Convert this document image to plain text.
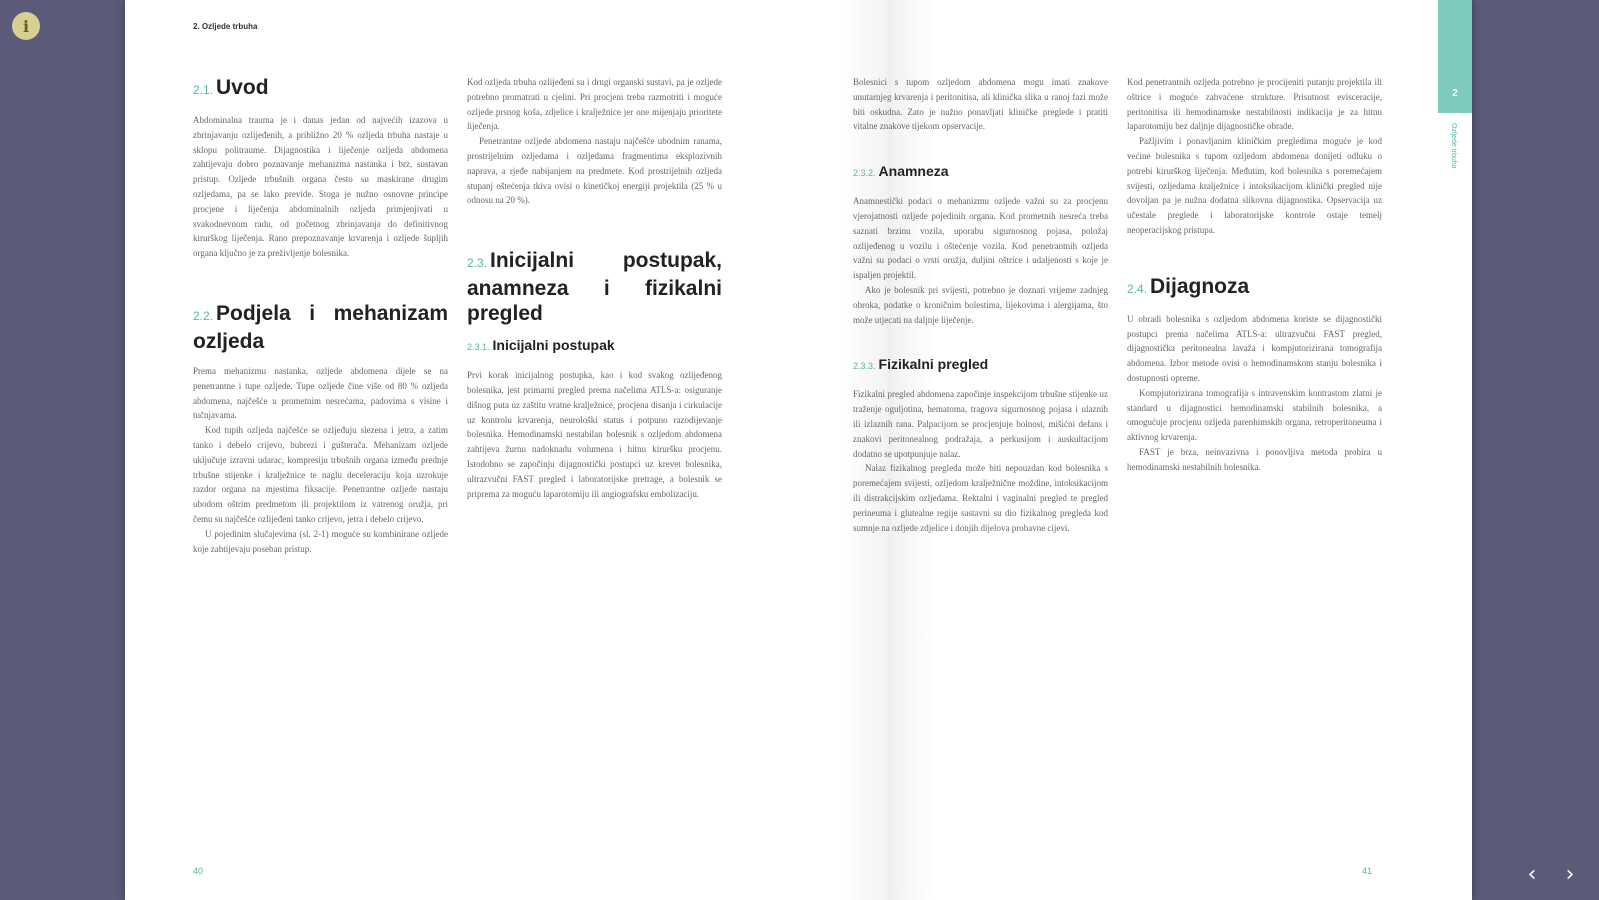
i	2. Ozljede trbuha
2.1. Uvod

Abdominalna trauma je i danas jedan od najvećih izazova u zbrinjavanju ozlijeđenih, a približno 20 % ozljeda trbuha nastaje u sklopu politraume. Dijagnostika i liječenje ozljeda abdomena zahtijevaju dobro poznavanje mehanizma nastanka i brz, sustavan pristup. Ozljede trbušnih organa često su maskirane drugim ozljedama, pa se lako previde. Stoga je nužno osnovne principe procjene i liječenja abdominalnih ozljeda primjenjivati u svakodnevnom radu, od početnog zbrinjavanja do definitivnog kirurškog liječenja. Rano prepoznavanje krvarenja i ozljede šupljih organa ključno je za preživljenje bolesnika.

2.2. Podjela i mehanizam ozljeda

Prema mehanizmu nastanka, ozljede abdomena dijele se na penetrantne i tupe ozljede. Tupe ozljede čine više od 80 % ozljeda abdomena, najčešće u prometnim nesrećama, padovima s visine i tučnjavama.

Kod tupih ozljeda najčešće se ozljeđuju slezena i jetra, a zatim tanko i debelo crijevo, bubrezi i gušterača. Mehanizam ozljede uključuje izravni udarac, kompresiju trbušnih organa između prednje trbušne stijenke i kralježnice te naglu deceleraciju koja uzrokuje razdor organa na mjestima fiksacije. Penetrantne ozljede nastaju ubodom oštrim predmetom ili projektilom iz vatrenog oružja, pri čemu su najčešće ozlijeđeni tanko crijevo, jetra i debelo crijevo.

U pojedinim slučajevima (sl. 2-1) moguće su kombinirane ozljede koje zahtijevaju poseban pristup.

Kod ozljeda trbuha ozlijeđeni su i drugi organski sustavi, pa je ozljede potrebno promatrati u cjelini. Pri procjeni treba razmotriti i moguće ozljede prsnog koša, zdjelice i kralježnice jer one mijenjaju prioritete liječenja.

Penetrantne ozljede abdomena nastaju najčešće ubodnim ranama, prostrijelnim ozljedama i ozljedama fragmentima eksplozivnih naprava, a rjeđe nabijanjem na predmete. Kod prostrijelnih ozljeda stupanj oštećenja tkiva ovisi o kinetičkoj energiji projektila (25 % u odnosu na 20 %).

2.3. Inicijalni postupak, anamneza i fizikalni pregled
2.3.1. Inicijalni postupak

Prvi korak inicijalnog postupka, kao i kod svakog ozlijeđenog bolesnika, jest primarni pregled prema načelima ATLS-a: osiguranje dišnog puta uz zaštitu vratne kralježnice, procjena disanja i cirkulacije uz kontrolu krvarenja, neurološki status i potpuno razodijevanje bolesnika. Hemodinamski nestabilan bolesnik s ozljedom abdomena zahtijeva žurnu nadoknadu volumena i hitnu kiruršku procjenu. Istodobno se započinju dijagnostički postupci uz krevet bolesnika, ultrazvučni FAST pregled i laboratorijske pretrage, a bolesnik se priprema za moguću laparotomiju ili angiografsku embolizaciju.

40

Bolesnici s tupom ozljedom abdomena mogu imati znakove unutarnjeg krvarenja i peritonitisa, ali klinička slika u ranoj fazi može biti oskudna. Zato je nužno ponavljati kliničke preglede i pratiti vitalne znakove tijekom opservacije.

2.3.2. Anamneza

Anamnestički podaci o mehanizmu ozljede važni su za procjenu vjerojatnosti ozljede pojedinih organa. Kod prometnih nesreća treba saznati brzinu vozila, uporabu sigurnosnog pojasa, položaj ozlijeđenog u vozilu i oštećenje vozila. Kod penetrantnih ozljeda važni su podaci o vrsti oružja, duljini oštrice i udaljenosti s koje je ispaljen projektil.

Ako je bolesnik pri svijesti, potrebno je doznati vrijeme zadnjeg obroka, podatke o kroničnim bolestima, lijekovima i alergijama, što može utjecati na daljnje liječenje.

2.3.3. Fizikalni pregled

Fizikalni pregled abdomena započinje inspekcijom trbušne stijenke uz traženje oguljotina, hematoma, tragova sigurnosnog pojasa i ulaznih ili izlaznih rana. Palpacijom se procjenjuje bolnost, mišićni defans i znakovi peritonealnog podražaja, a perkusijom i auskultacijom dodatno se upotpunjuje nalaz.

Nalaz fizikalnog pregleda može biti nepouzdan kod bolesnika s poremećajem svijesti, ozljedom kralježnične moždine, intoksikacijom ili distrakcijskim ozljedama. Rektalni i vaginalni pregled te pregled perineuma i glutealne regije sastavni su dio fizikalnog pregleda kod sumnje na ozljede zdjelice i donjih dijelova probavne cijevi.

Kod penetrantnih ozljeda potrebno je procijeniti putanju projektila ili oštrice i moguće zahvaćene strukture. Prisutnost evisceracije, peritonitisa ili hemodinamske nestabilnosti indikacija je za hitnu laparotomiju bez daljnje dijagnostičke obrade.

Pažljivim i ponavljanim kliničkim pregledima moguće je kod većine bolesnika s tupom ozljedom abdomena donijeti odluku o potrebi kirurškog liječenja. Međutim, kod bolesnika s poremećajem svijesti, ozljedama kralježnice i intoksikacijom klinički pregled nije dovoljan pa je nužna dodatna slikovna dijagnostika. Opservacija uz učestale preglede i laboratorijske kontrole ostaje temelj neoperacijskog pristupa.

2.4. Dijagnoza

U obradi bolesnika s ozljedom abdomena koriste se dijagnostički postupci prema načelima ATLS-a: ultrazvučni FAST pregled, dijagnostička peritonealna lavaža i kompjutorizirana tomografija abdomena. Izbor metode ovisi o hemodinamskom stanju bolesnika i dostupnosti opreme.

Kompjutorizirana tomografija s intravenskim kontrastom zlatni je standard u dijagnostici hemodinamski stabilnih bolesnika, a omogućuje procjenu ozljeda parenhimskih organa, retroperitoneuma i aktivnog krvarenja.

FAST je brza, neinvazivna i ponovljiva metoda probira u hemodinamski nestabilnih bolesnika.

41
2
Ozljede trbuha
‹ ›
